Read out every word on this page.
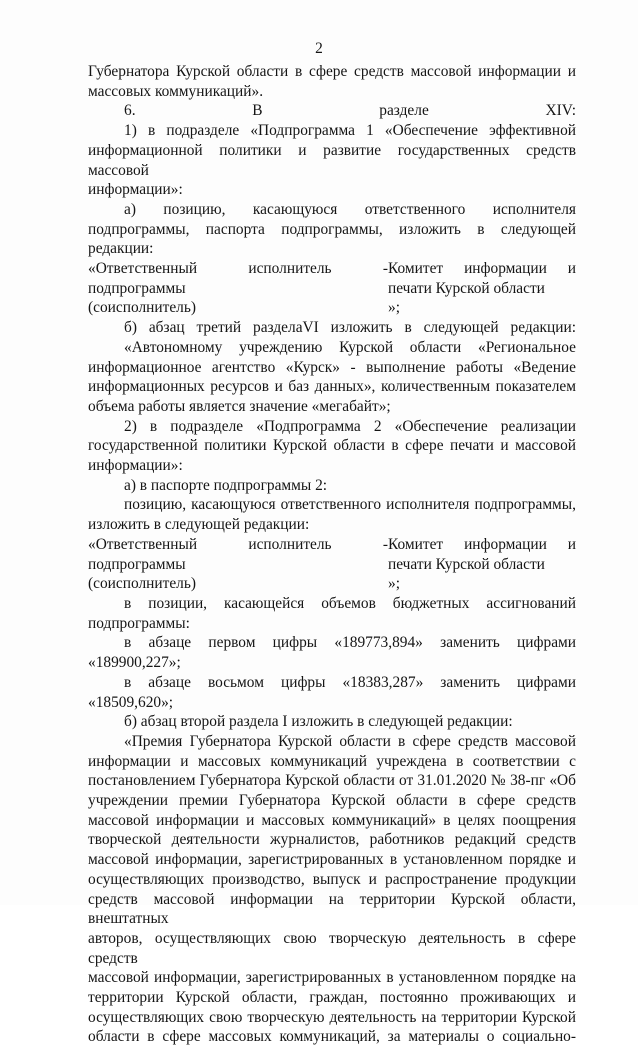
2

Губернатора Курской области в сфере средств массовой информации и

массовых коммуникаций».

6. В разделе XIV:

1) в подразделе «Подпрограмма 1 «Обеспечение эффективной

информационной политики и развитие государственных средств массовой

информации»:

а) позицию, касающуюся ответственного исполнителя

подпрограммы, паспорта подпрограммы, изложить в следующей редакции:

«Ответственный исполнитель - Комитет информации и
подпрограммы	печати Курской области
(соисполнитель)	»;

б) абзац третий разделаVI изложить в следующей редакции:

«Автономному учреждению Курской области «Региональное

информационное агентство «Курск» - выполнение работы «Ведение

информационных ресурсов и баз данных», количественным показателем

объема работы является значение «мегабайт»;

2) в подразделе «Подпрограмма 2 «Обеспечение реализации

государственной политики Курской области в сфере печати и массовой

информации»:

а) в паспорте подпрограммы 2:

позицию, касающуюся ответственного исполнителя подпрограммы,

изложить в следующей редакции:

«Ответственный исполнитель - Комитет информации и
подпрограммы	печати Курской области
(соисполнитель)	»;

в позиции, касающейся объемов бюджетных ассигнований

подпрограммы:

в абзаце первом цифры «189773,894» заменить цифрами

«189900,227»;

в абзаце восьмом цифры «18383,287» заменить цифрами «18509,620»;

б) абзац второй раздела I изложить в следующей редакции:

«Премия Губернатора Курской области в сфере средств массовой

информации и массовых коммуникаций учреждена в соответствии с

постановлением Губернатора Курской области от 31.01.2020 № 38-пг «Об

учреждении премии Губернатора Курской области в сфере средств

массовой информации и массовых коммуникаций» в целях поощрения

творческой деятельности журналистов, работников редакций средств

массовой информации, зарегистрированных в установленном порядке и

осуществляющих производство, выпуск и распространение продукции

средств массовой информации на территории Курской области, внештатных

авторов, осуществляющих свою творческую деятельность в сфере средств

массовой информации, зарегистрированных в установленном порядке на

территории Курской области, граждан, постоянно проживающих и

осуществляющих свою творческую деятельность на территории Курской

области в сфере массовых коммуникаций, за материалы о социально-
